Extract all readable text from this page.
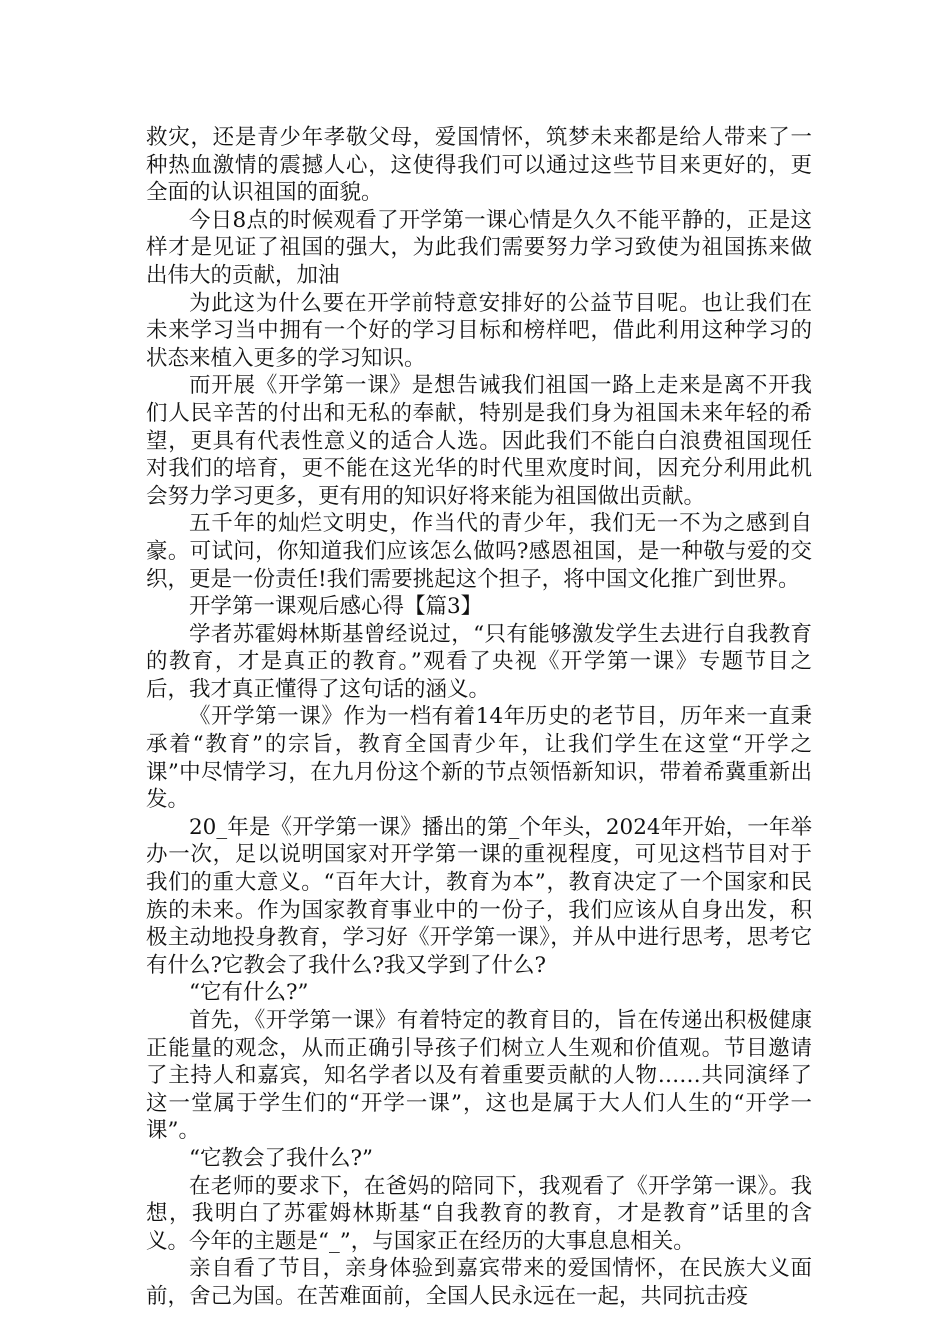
救灾，还是青少年孝敬父母，爱国情怀，筑梦未来都是给人带来了一种热血激情的震撼人心，这使得我们可以通过这些节目来更好的，更全面的认识祖国的面貌。

今日8点的时候观看了开学第一课心情是久久不能平静的，正是这样才是见证了祖国的强大，为此我们需要努力学习致使为祖国拣来做出伟大的贡献，加油

为此这为什么要在开学前特意安排好的公益节目呢。也让我们在未来学习当中拥有一个好的学习目标和榜样吧，借此利用这种学习的状态来植入更多的学习知识。

而开展《开学第一课》是想告诫我们祖国一路上走来是离不开我们人民辛苦的付出和无私的奉献，特别是我们身为祖国未来年轻的希望，更具有代表性意义的适合人选。因此我们不能白白浪费祖国现任对我们的培育，更不能在这光华的时代里欢度时间，因充分利用此机会努力学习更多，更有用的知识好将来能为祖国做出贡献。

五千年的灿烂文明史，作当代的青少年，我们无一不为之感到自豪。可试问，你知道我们应该怎么做吗?感恩祖国，是一种敬与爱的交织，更是一份责任!我们需要挑起这个担子，将中国文化推广到世界。

开学第一课观后感心得【篇3】

学者苏霍姆林斯基曾经说过，“只有能够激发学生去进行自我教育的教育，才是真正的教育。”观看了央视《开学第一课》专题节目之后，我才真正懂得了这句话的涵义。

《开学第一课》作为一档有着14年历史的老节目，历年来一直秉承着“教育”的宗旨，教育全国青少年，让我们学生在这堂“开学之课”中尽情学习，在九月份这个新的节点领悟新知识，带着希冀重新出发。

20_年是《开学第一课》播出的第_个年头，2024年开始，一年举办一次，足以说明国家对开学第一课的重视程度，可见这档节目对于我们的重大意义。“百年大计，教育为本”，教育决定了一个国家和民族的未来。作为国家教育事业中的一份子，我们应该从自身出发，积极主动地投身教育，学习好《开学第一课》，并从中进行思考，思考它有什么?它教会了我什么?我又学到了什么?

“它有什么?”

首先，《开学第一课》有着特定的教育目的，旨在传递出积极健康正能量的观念，从而正确引导孩子们树立人生观和价值观。节目邀请了主持人和嘉宾，知名学者以及有着重要贡献的人物……共同演绎了这一堂属于学生们的“开学一课”，这也是属于大人们人生的“开学一课”。

“它教会了我什么?”

在老师的要求下，在爸妈的陪同下，我观看了《开学第一课》。我想，我明白了苏霍姆林斯基“自我教育的教育，才是教育”话里的含义。今年的主题是“_”，与国家正在经历的大事息息相关。

亲自看了节目，亲身体验到嘉宾带来的爱国情怀，在民族大义面前，舍己为国。在苦难面前，全国人民永远在一起，共同抗击疫
